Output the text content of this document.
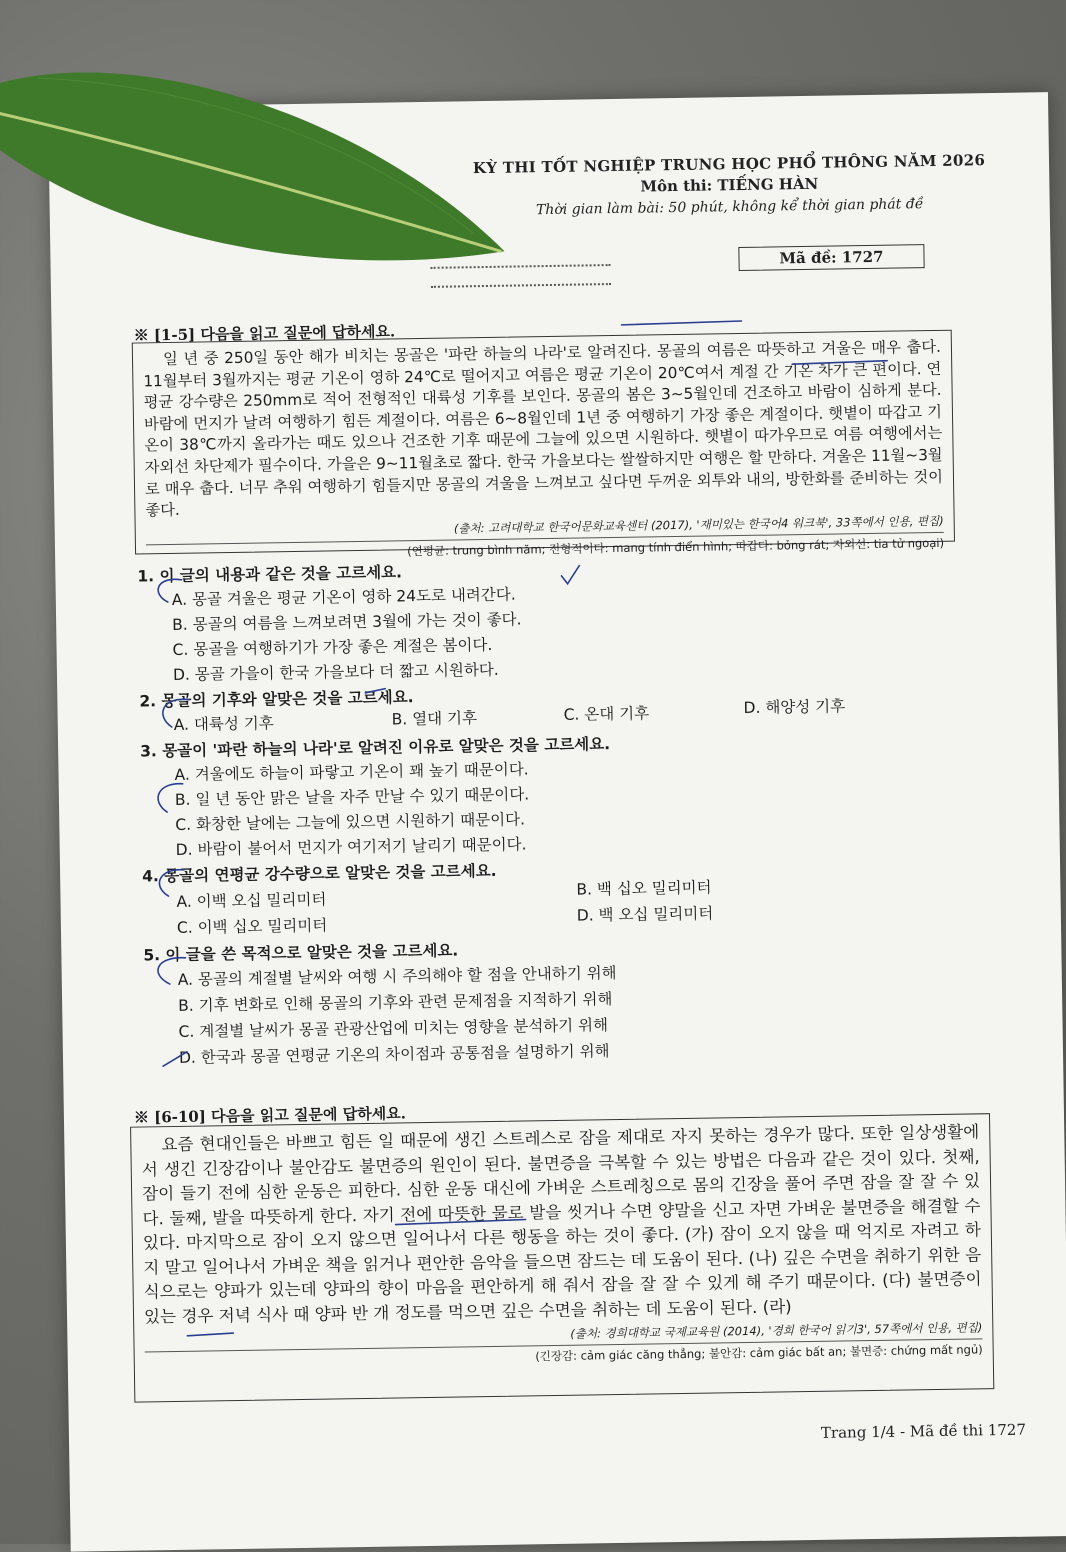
KỲ THI TỐT NGHIỆP TRUNG HỌC PHỔ THÔNG NĂM 2026
Môn thi: TIẾNG HÀN
Thời gian làm bài: 50 phút, không kể thời gian phát đề
Mã đề: 1727
※ [1-5] 다음을 읽고 질문에 답하세요.

일 년 중 250일 동안 해가 비치는 몽골은 '파란 하늘의 나라'로 알려진다. 몽골의 여름은 따뜻하고 겨울은 매우 춥다. 11월부터 3월까지는 평균 기온이 영하 24℃로 떨어지고 여름은 평균 기온이 20℃여서 계절 간 기온 차가 큰 편이다. 연평균 강수량은 250mm로 적어 전형적인 대륙성 기후를 보인다. 몽골의 봄은 3~5월인데 건조하고 바람이 심하게 분다. 바람에 먼지가 날려 여행하기 힘든 계절이다. 여름은 6~8월인데 1년 중 여행하기 가장 좋은 계절이다. 햇볕이 따갑고 기온이 38℃까지 올라가는 때도 있으나 건조한 기후 때문에 그늘에 있으면 시원하다. 햇볕이 따가우므로 여름 여행에서는 자외선 차단제가 필수이다. 가을은 9~11월초로 짧다. 한국 가을보다는 쌀쌀하지만 여행은 할 만하다. 겨울은 11월~3월로 매우 춥다. 너무 추워 여행하기 힘들지만 몽골의 겨울을 느껴보고 싶다면 두꺼운 외투와 내의, 방한화를 준비하는 것이 좋다.

(출처: 고려대학교 한국어문화교육센터 (2017), '재미있는 한국어4 워크북', 33쪽에서 인용, 편집)
(연평균: trung bình năm; 전형적이다: mang tính điển hình; 따갑다: bỏng rát; 자외선: tia tử ngoại)
1. 이 글의 내용과 같은 것을 고르세요.
A. 몽골 겨울은 평균 기온이 영하 24도로 내려간다.
B. 몽골의 여름을 느껴보려면 3월에 가는 것이 좋다.
C. 몽골을 여행하기가 가장 좋은 계절은 봄이다.
D. 몽골 가을이 한국 가을보다 더 짧고 시원하다.
2. 몽골의 기후와 알맞은 것을 고르세요.
A. 대륙성 기후	B. 열대 기후	C. 온대 기후	D. 해양성 기후
3. 몽골이 '파란 하늘의 나라'로 알려진 이유로 알맞은 것을 고르세요.
A. 겨울에도 하늘이 파랗고 기온이 꽤 높기 때문이다.
B. 일 년 동안 맑은 날을 자주 만날 수 있기 때문이다.
C. 화창한 날에는 그늘에 있으면 시원하기 때문이다.
D. 바람이 불어서 먼지가 여기저기 날리기 때문이다.
4. 몽골의 연평균 강수량으로 알맞은 것을 고르세요.
A. 이백 오십 밀리미터
B. 백 십오 밀리미터
C. 이백 십오 밀리미터
D. 백 오십 밀리미터
5. 이 글을 쓴 목적으로 알맞은 것을 고르세요.
A. 몽골의 계절별 날씨와 여행 시 주의해야 할 점을 안내하기 위해
B. 기후 변화로 인해 몽골의 기후와 관련 문제점을 지적하기 위해
C. 계절별 날씨가 몽골 관광산업에 미치는 영향을 분석하기 위해
D. 한국과 몽골 연평균 기온의 차이점과 공통점을 설명하기 위해
※ [6-10] 다음을 읽고 질문에 답하세요.

요즘 현대인들은 바쁘고 힘든 일 때문에 생긴 스트레스로 잠을 제대로 자지 못하는 경우가 많다. 또한 일상생활에서 생긴 긴장감이나 불안감도 불면증의 원인이 된다. 불면증을 극복할 수 있는 방법은 다음과 같은 것이 있다. 첫째, 잠이 들기 전에 심한 운동은 피한다. 심한 운동 대신에 가벼운 스트레칭으로 몸의 긴장을 풀어 주면 잠을 잘 잘 수 있다. 둘째, 발을 따뜻하게 한다. 자기 전에 따뜻한 물로 발을 씻거나 수면 양말을 신고 자면 가벼운 불면증을 해결할 수 있다. 마지막으로 잠이 오지 않으면 일어나서 다른 행동을 하는 것이 좋다. (가) 잠이 오지 않을 때 억지로 자려고 하지 말고 일어나서 가벼운 책을 읽거나 편안한 음악을 들으면 잠드는 데 도움이 된다. (나) 깊은 수면을 취하기 위한 음식으로는 양파가 있는데 양파의 향이 마음을 편안하게 해 줘서 잠을 잘 잘 수 있게 해 주기 때문이다. (다) 불면증이 있는 경우 저녁 식사 때 양파 반 개 정도를 먹으면 깊은 수면을 취하는 데 도움이 된다. (라)

(출처: 경희대학교 국제교육원 (2014), '경희 한국어 읽기3', 57쪽에서 인용, 편집)
(긴장감: cảm giác căng thẳng; 불안감: cảm giác bất an; 불면증: chứng mất ngủ)
Trang 1/4 - Mã đề thi 1727
